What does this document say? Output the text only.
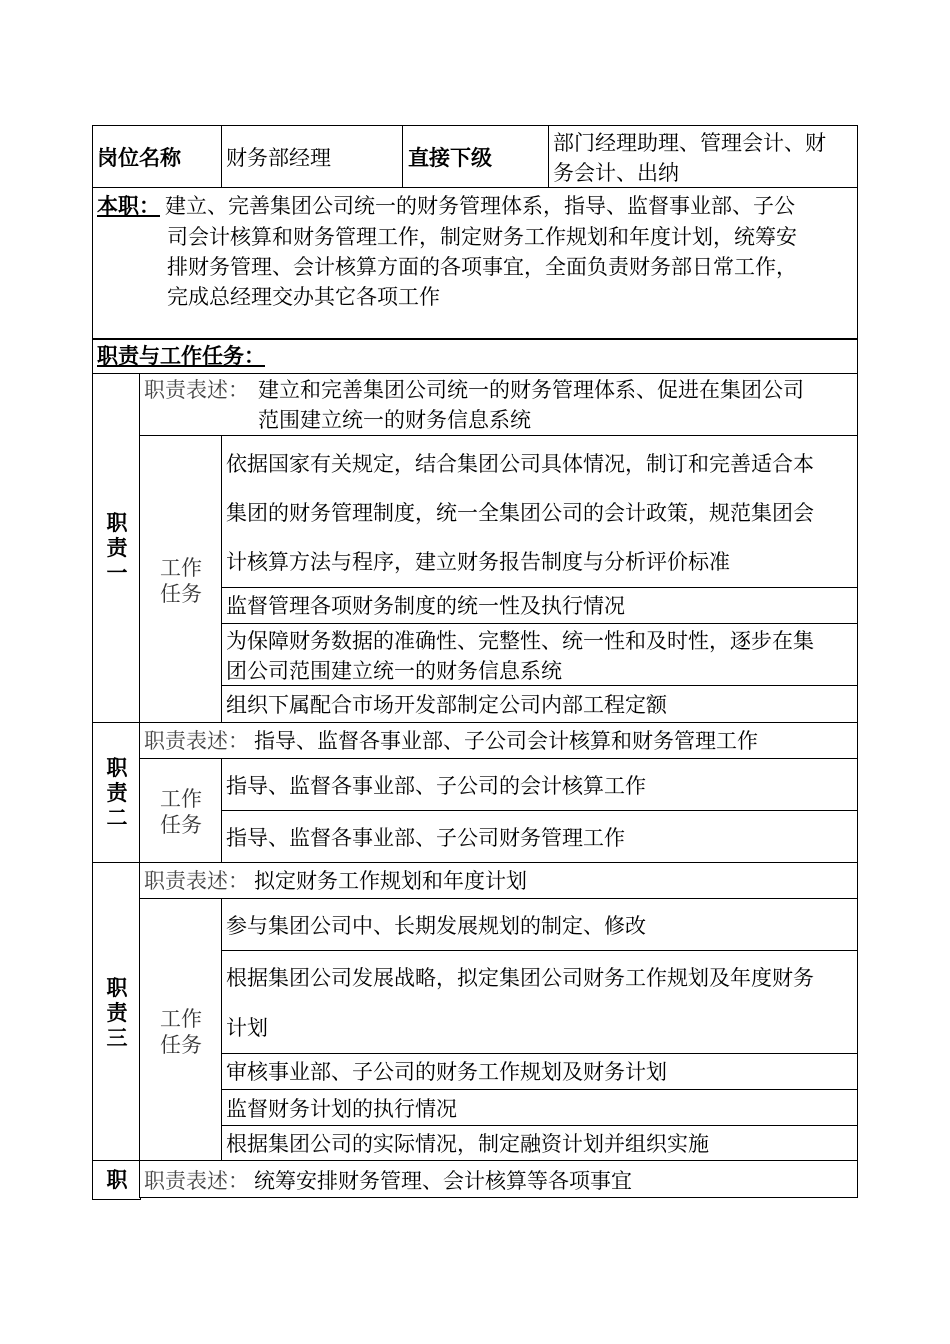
岗位名称 财务部经理	直接下级
部门经理助理、管理会计、财
务会计、出纳
本职： 建立、完善集团公司统一的财务管理体系，指导、监督事业部、子公
司会计核算和财务管理工作，制定财务工作规划和年度计划，统筹安
排财务管理、会计核算方面的各项事宜，全面负责财务部日常工作，
完成总经理交办其它各项工作
职责与工作任务：
职责一
职责表述： 建立和完善集团公司统一的财务管理体系、促进在集团公司
范围建立统一的财务信息系统
工作任务
依据国家有关规定，结合集团公司具体情况，制订和完善适合本
集团的财务管理制度，统一全集团公司的会计政策，规范集团会
计核算方法与程序，建立财务报告制度与分析评价标准
监督管理各项财务制度的统一性及执行情况
为保障财务数据的准确性、完整性、统一性和及时性，逐步在集
团公司范围建立统一的财务信息系统
组织下属配合市场开发部制定公司内部工程定额
职责二
职责表述： 指导、监督各事业部、子公司会计核算和财务管理工作
工作任务
指导、监督各事业部、子公司的会计核算工作
指导、监督各事业部、子公司财务管理工作
职责三
职责表述： 拟定财务工作规划和年度计划
工作任务
参与集团公司中、长期发展规划的制定、修改
根据集团公司发展战略，拟定集团公司财务工作规划及年度财务
计划
审核事业部、子公司的财务工作规划及财务计划
监督财务计划的执行情况
根据集团公司的实际情况，制定融资计划并组织实施
职 职责表述： 统筹安排财务管理、会计核算等各项事宜
